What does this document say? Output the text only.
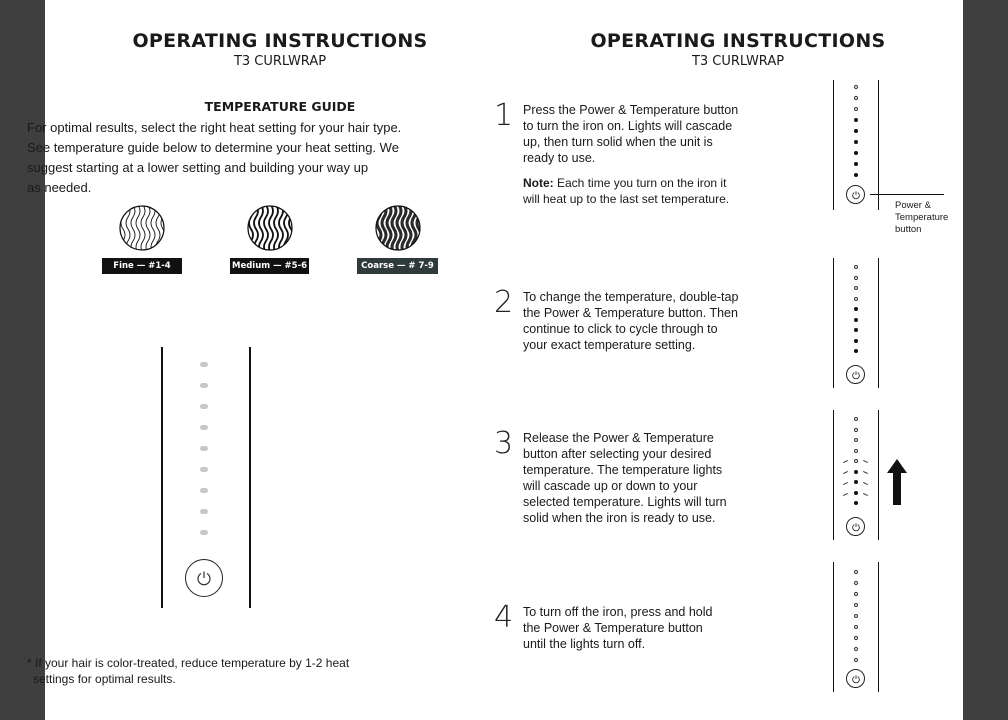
OPERATING INSTRUCTIONS
T3 CURLWRAP
TEMPERATURE GUIDE
For optimal results, select the right heat setting for your hair type.
See temperature guide below to determine your heat setting. We
suggest starting at a lower setting and building your way up
as needed.
Fine — #1-4	Medium — #5-6	Coarse — # 7-9
* If your hair is color-treated, reduce temperature by 1-2 heat
settings for optimal results.
OPERATING INSTRUCTIONS
T3 CURLWRAP
1 Press the Power & Temperature button
to turn the iron on. Lights will cascade
up, then turn solid when the unit is
ready to use.
Note: Each time you turn on the iron it
will heat up to the last set temperature.
2 To change the temperature, double-tap
the Power & Temperature button. Then
continue to click to cycle through to
your exact temperature setting.
3 Release the Power & Temperature
button after selecting your desired
temperature. The temperature lights
will cascade up or down to your
selected temperature. Lights will turn
solid when the iron is ready to use.
4 To turn off the iron, press and hold
the Power & Temperature button
until the lights turn off.
Power &
Temperature
button
